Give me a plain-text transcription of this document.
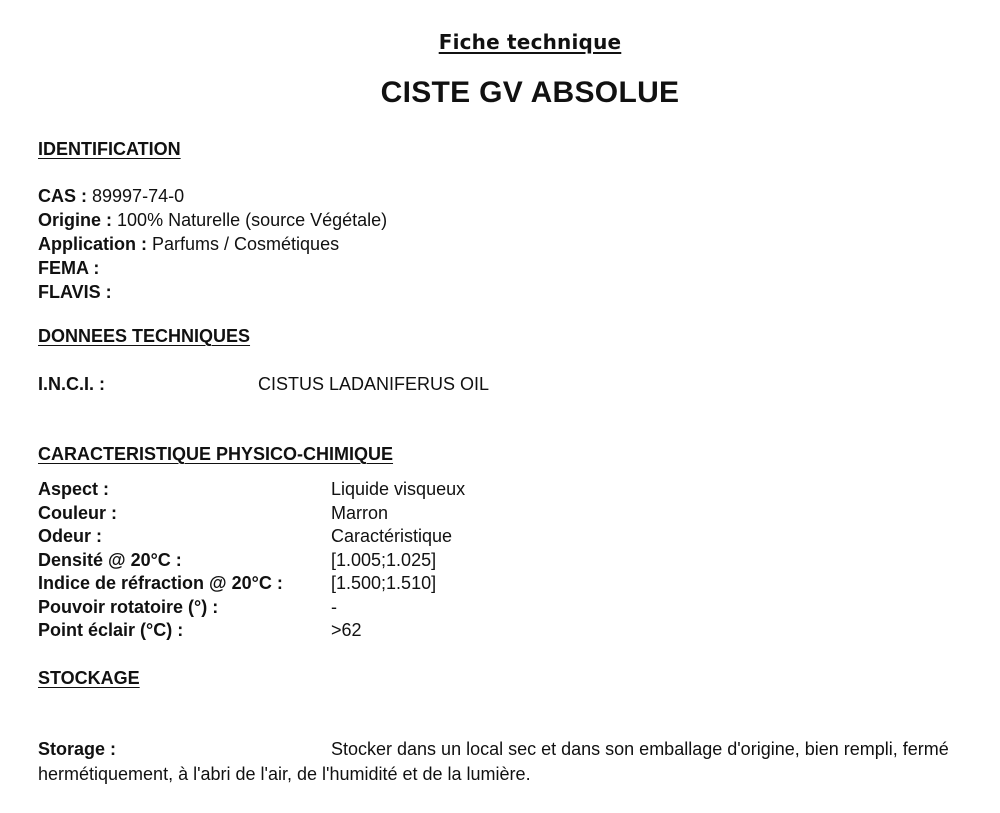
Fiche technique
CISTE GV ABSOLUE
IDENTIFICATION
CAS : 89997-74-0
Origine : 100% Naturelle (source Végétale)
Application : Parfums / Cosmétiques
FEMA :
FLAVIS :
DONNEES TECHNIQUES
I.N.C.I. :	CISTUS LADANIFERUS OIL
CARACTERISTIQUE PHYSICO-CHIMIQUE
Aspect :	Liquide visqueux
Couleur :	Marron
Odeur :	Caractéristique
Densité @ 20°C :	[1.005;1.025]
Indice de réfraction @ 20°C :	[1.500;1.510]
Pouvoir rotatoire (°) :	-
Point éclair (°C) :	>62
STOCKAGE
Storage :	Stocker dans un local sec et dans son emballage d'origine, bien rempli, fermé hermétiquement, à l'abri de l'air, de l'humidité et de la lumière.
